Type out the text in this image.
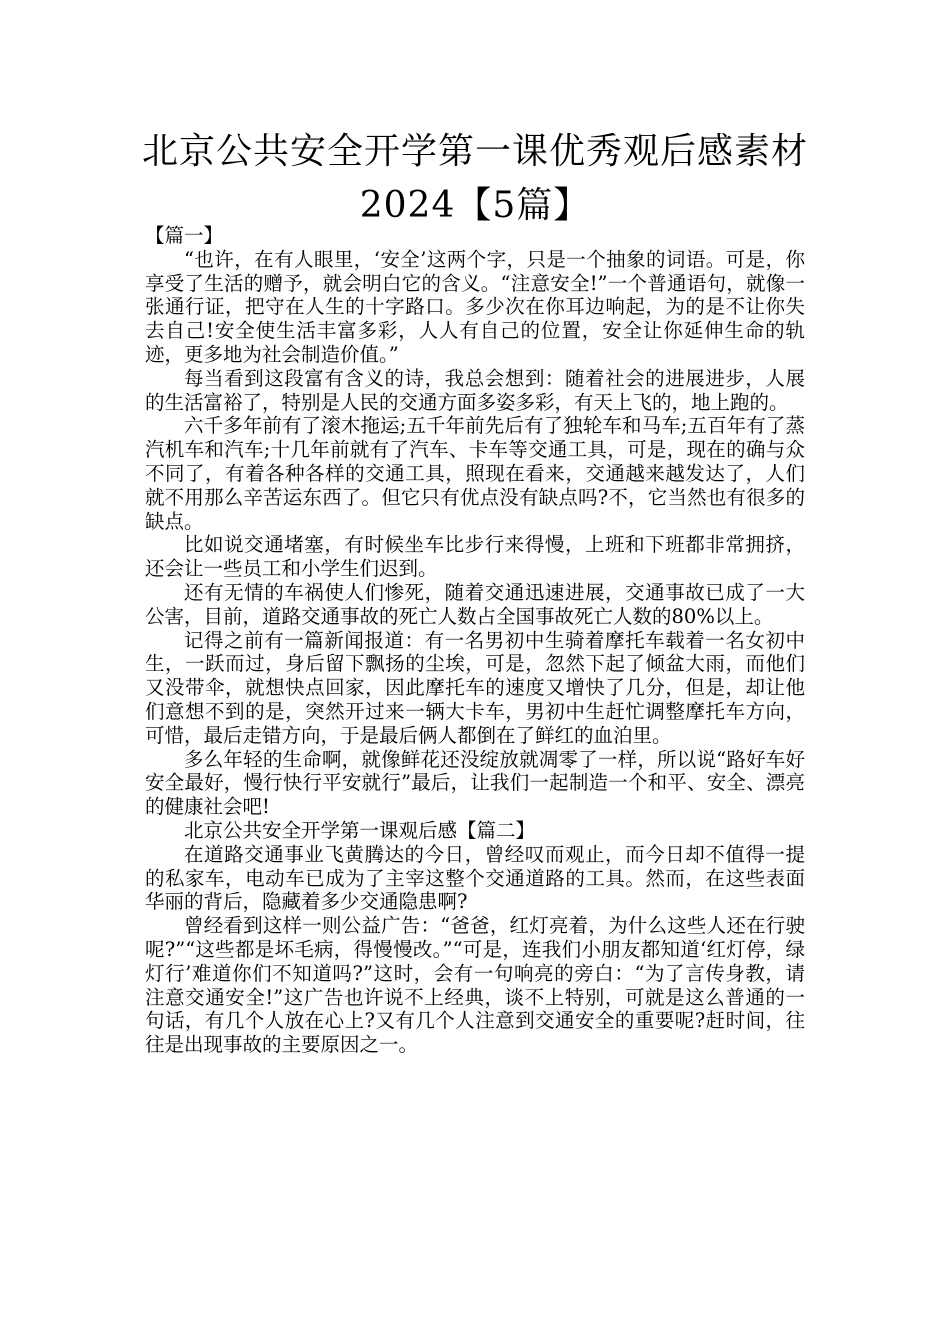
北京公共安全开学第一课优秀观后感素材
2024【5篇】

【篇一】

“也许，在有人眼里，‘安全’这两个字，只是一个抽象的词语。可是，你享受了生活的赠予，就会明白它的含义。“注意安全!”一个普通语句，就像一张通行证，把守在人生的十字路口。多少次在你耳边响起，为的是不让你失去自己!安全使生活丰富多彩，人人有自己的位置，安全让你延伸生命的轨迹，更多地为社会制造价值。”

每当看到这段富有含义的诗，我总会想到：随着社会的进展进步，人展的生活富裕了，特别是人民的交通方面多姿多彩，有天上飞的，地上跑的。

六千多年前有了滚木拖运;五千年前先后有了独轮车和马车;五百年有了蒸汽机车和汽车;十几年前就有了汽车、卡车等交通工具，可是，现在的确与众不同了，有着各种各样的交通工具，照现在看来，交通越来越发达了，人们就不用那么辛苦运东西了。但它只有优点没有缺点吗?不，它当然也有很多的缺点。

比如说交通堵塞，有时候坐车比步行来得慢，上班和下班都非常拥挤，还会让一些员工和小学生们迟到。

还有无情的车祸使人们惨死，随着交通迅速进展，交通事故已成了一大公害，目前，道路交通事故的死亡人数占全国事故死亡人数的80%以上。

记得之前有一篇新闻报道：有一名男初中生骑着摩托车载着一名女初中生，一跃而过，身后留下飘扬的尘埃，可是，忽然下起了倾盆大雨，而他们又没带伞，就想快点回家，因此摩托车的速度又增快了几分，但是，却让他们意想不到的是，突然开过来一辆大卡车，男初中生赶忙调整摩托车方向，可惜，最后走错方向，于是最后俩人都倒在了鲜红的血泊里。

多么年轻的生命啊，就像鲜花还没绽放就凋零了一样，所以说“路好车好安全最好，慢行快行平安就行”最后，让我们一起制造一个和平、安全、漂亮的健康社会吧!

北京公共安全开学第一课观后感【篇二】

在道路交通事业飞黄腾达的今日，曾经叹而观止，而今日却不值得一提的私家车，电动车已成为了主宰这整个交通道路的工具。然而，在这些表面华丽的背后，隐藏着多少交通隐患啊?

曾经看到这样一则公益广告：“爸爸，红灯亮着，为什么这些人还在行驶呢?”“这些都是坏毛病，得慢慢改。”“可是，连我们小朋友都知道‘红灯停，绿灯行’难道你们不知道吗?”这时，会有一句响亮的旁白：“为了言传身教，请注意交通安全!”这广告也许说不上经典，谈不上特别，可就是这么普通的一句话，有几个人放在心上?又有几个人注意到交通安全的重要呢?赶时间，往往是出现事故的主要原因之一。
